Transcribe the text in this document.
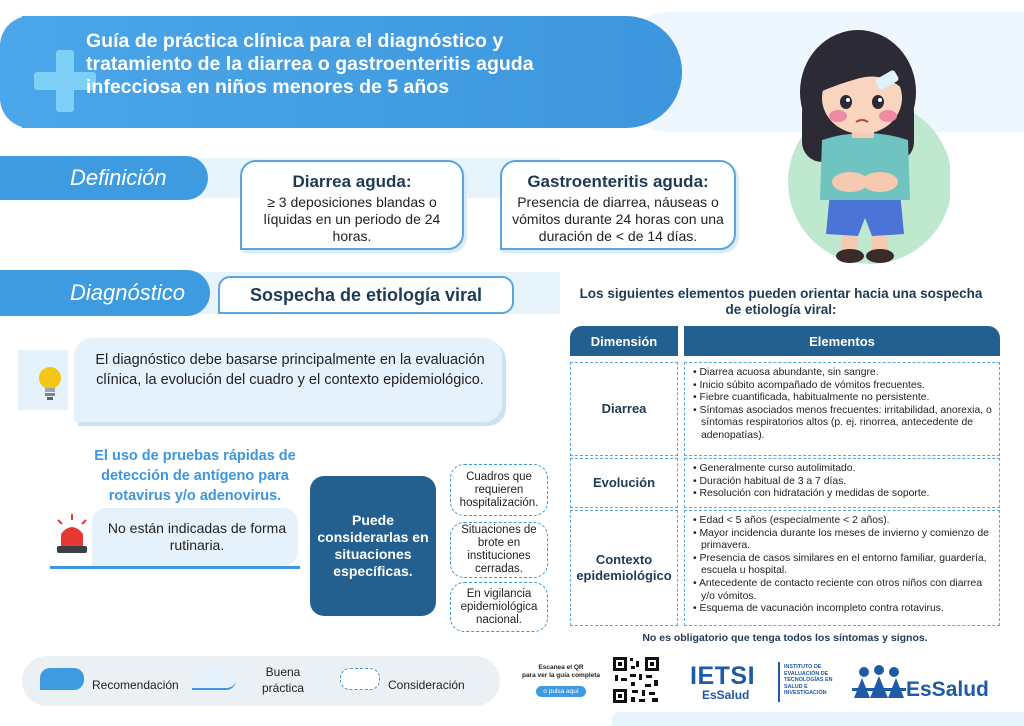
Guía de práctica clínica para el diagnóstico y
tratamiento de la diarrea o gastroenteritis aguda
infecciosa en niños menores de 5 años
Definición	Diarrea aguda:
≥ 3 deposiciones blandas o líquidas en un periodo de 24 horas.
Gastroenteritis aguda:
Presencia de diarrea, náuseas o vómitos durante 24 horas con una duración de < de 14 días.
Diagnóstico	Sospecha de etiología viral
El diagnóstico debe basarse principalmente en la evaluación clínica, la evolución del cuadro y el contexto epidemiológico.
El uso de pruebas rápidas de detección de antígeno para rotavirus y/o adenovirus.
No están indicadas de forma rutinaria.
Puede considerarlas en situaciones específicas.
Cuadros que requieren hospitalización.
Situaciones de brote en instituciones cerradas.
En vigilancia epidemiológica nacional.
Los siguientes elementos pueden orientar hacia una sospecha de etiología viral:
Dimensión	Elementos
Diarrea
• Diarrea acuosa abundante, sin sangre.
• Inicio súbito acompañado de vómitos frecuentes.
• Fiebre cuantificada, habitualmente no persistente.
• Síntomas asociados menos frecuentes: irritabilidad, anorexia, o síntomas respiratorios altos (p. ej. rinorrea, antecedente de adenopatías).
Evolución
• Generalmente curso autolimitado.
• Duración habitual de 3 a 7 días.
• Resolución con hidratación y medidas de soporte.
Contexto epidemiológico
• Edad < 5 años (especialmente < 2 años).
• Mayor incidencia durante los meses de invierno y comienzo de primavera.
• Presencia de casos similares en el entorno familiar, guardería, escuela u hospital.
• Antecedente de contacto reciente con otros niños con diarrea y/o vómitos.
• Esquema de vacunación incompleto contra rotavirus.
No es obligatorio que tenga todos los síntomas y signos.
Recomendación
Buena
práctica	Consideración
Escanea el QR
para ver la guía completa
o pulsa aquí
IETSI
EsSalud
INSTITUTO DE EVALUACIÓN DE TECNOLOGÍAS EN SALUD E INVESTIGACIÓN	EsSalud
